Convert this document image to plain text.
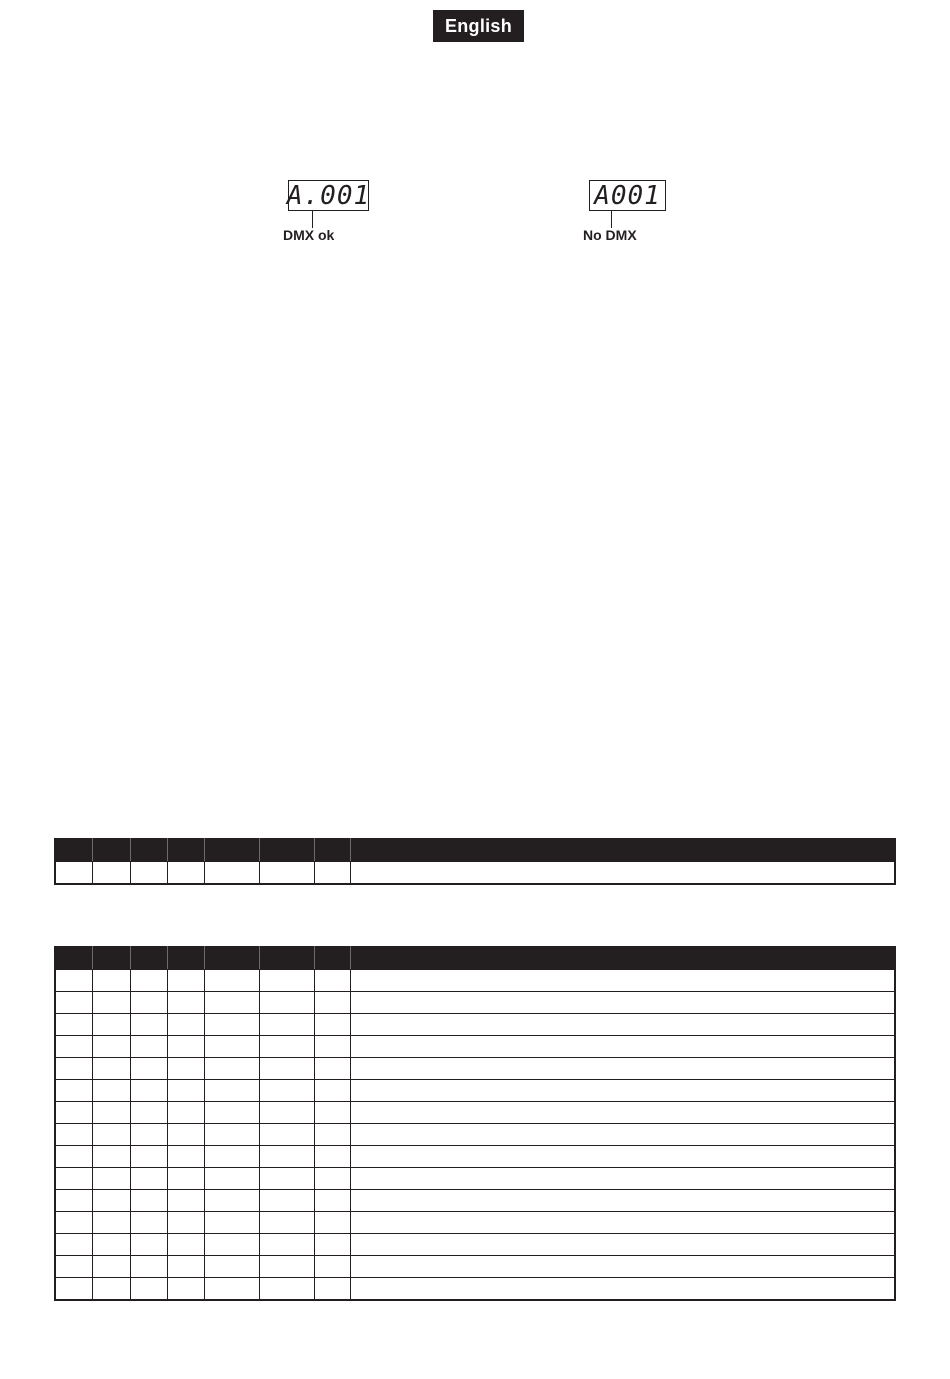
English
A.001
DMX ok
A001
No DMX
